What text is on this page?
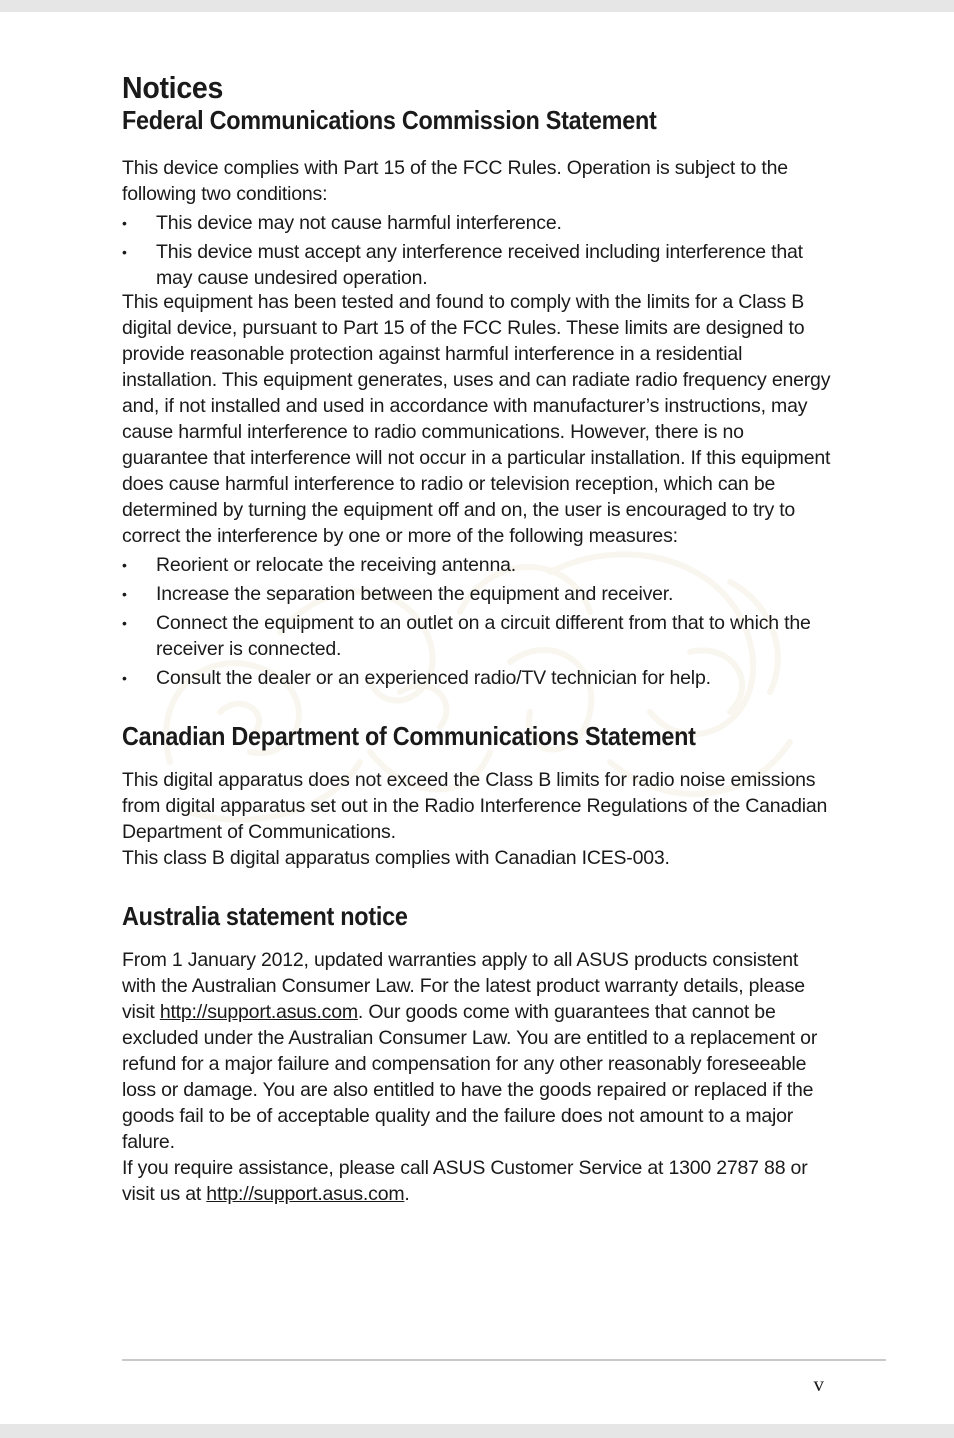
Notices
Federal Communications Commission Statement

This device complies with Part 15 of the FCC Rules. Operation is subject to the following two conditions:

• This device may not cause harmful interference.
• This device must accept any interference received including interference that may cause undesired operation.

This equipment has been tested and found to comply with the limits for a Class B digital device, pursuant to Part 15 of the FCC Rules. These limits are designed to provide reasonable protection against harmful interference in a residential installation. This equipment generates, uses and can radiate radio frequency energy and, if not installed and used in accordance with manufacturer’s instructions, may cause harmful interference to radio communications. However, there is no guarantee that interference will not occur in a particular installation. If this equipment does cause harmful interference to radio or television reception, which can be determined by turning the equipment off and on, the user is encouraged to try to correct the interference by one or more of the following measures:

• Reorient or relocate the receiving antenna.
• Increase the separation between the equipment and receiver.
• Connect the equipment to an outlet on a circuit different from that to which the receiver is connected.
• Consult the dealer or an experienced radio/TV technician for help.
Canadian Department of Communications Statement

This digital apparatus does not exceed the Class B limits for radio noise emissions from digital apparatus set out in the Radio Interference Regulations of the Canadian Department of Communications.

This class B digital apparatus complies with Canadian ICES-003.

Australia statement notice

From 1 January 2012, updated warranties apply to all ASUS products consistent with the Australian Consumer Law. For the latest product warranty details, please visit http://support.asus.com. Our goods come with guarantees that cannot be excluded under the Australian Consumer Law. You are entitled to a replacement or refund for a major failure and compensation for any other reasonably foreseeable loss or damage. You are also entitled to have the goods repaired or replaced if the goods fail to be of acceptable quality and the failure does not amount to a major falure.

If you require assistance, please call ASUS Customer Service at 1300 2787 88 or visit us at http://support.asus.com.

v
